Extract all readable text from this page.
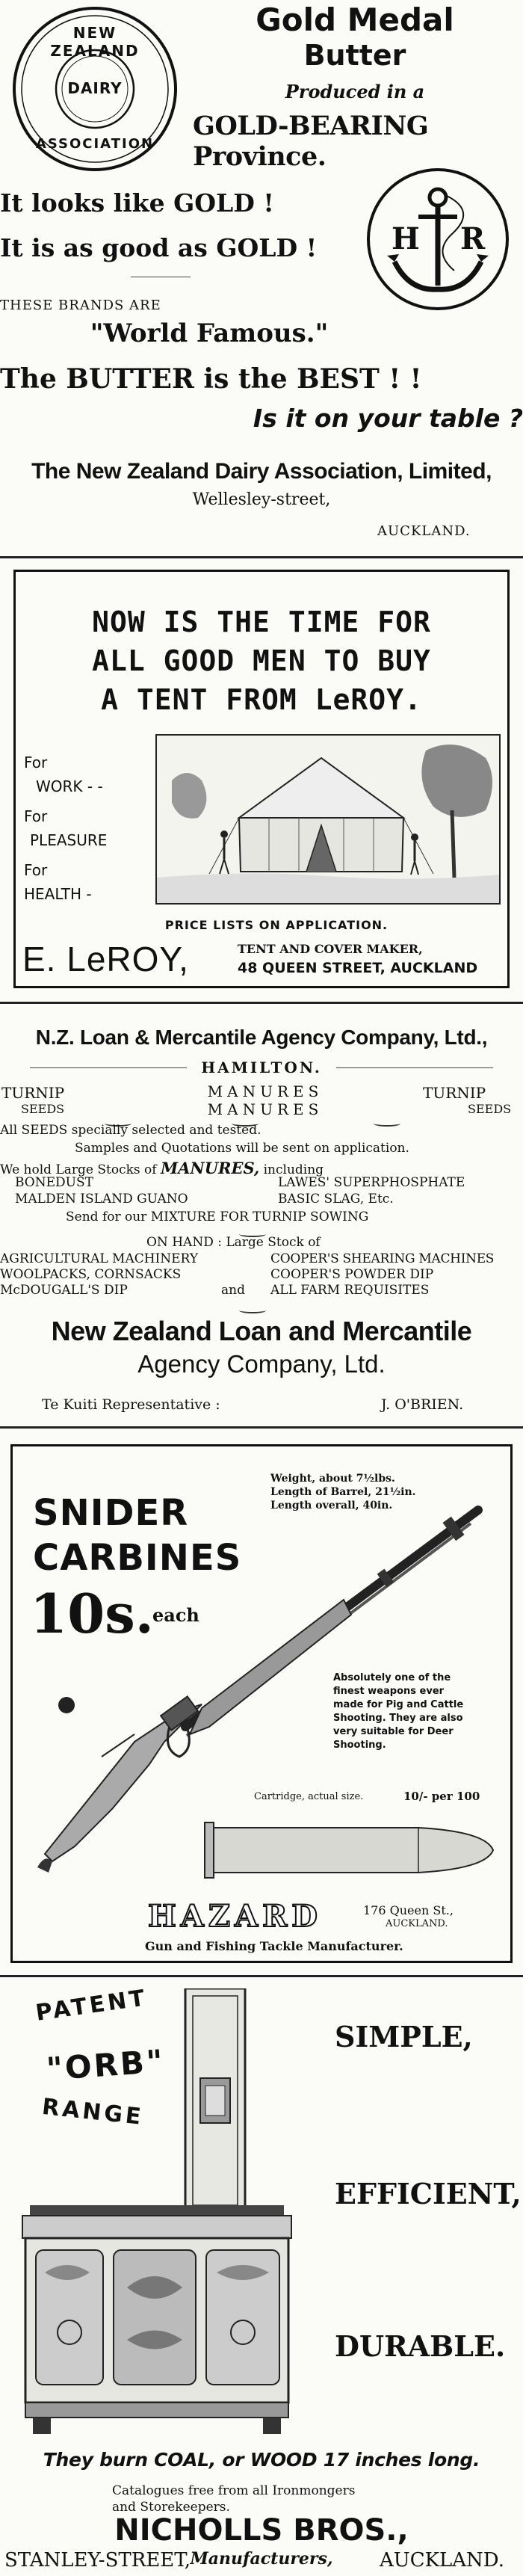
NEW ZEALAND
DAIRY
ASSOCIATION
Gold Medal
Butter
Produced in a
GOLD-BEARING Province.
It looks like GOLD !
It is as good as GOLD ! H R
THESE BRANDS ARE
"World Famous."
The BUTTER is the BEST ! !
Is it on your table ?
The New Zealand Dairy Association, Limited,
Wellesley-street,
AUCKLAND.
NOW IS THE TIME FOR
ALL GOOD MEN TO BUY
A TENT FROM LeROY.
For
WORK - -
For
PLEASURE
For
HEALTH -
PRICE LISTS ON APPLICATION.
E. LeROY,	TENT AND COVER MAKER,
48 QUEEN STREET, AUCKLAND
N.Z. Loan & Mercantile Agency Company, Ltd.,
HAMILTON.
TURNIP
SEEDS
MANURES
MANURES
TURNIP
SEEDS
All SEEDS specially selected and tested.
Samples and Quotations will be sent on application.
We hold Large Stocks of MANURES, including
BONEDUST	LAWES' SUPERPHOSPHATE
MALDEN ISLAND GUANO	BASIC SLAG, Etc.
Send for our MIXTURE FOR TURNIP SOWING
ON HAND : Large Stock of
AGRICULTURAL MACHINERY	COOPER'S SHEARING MACHINES
WOOLPACKS, CORNSACKS	COOPER'S POWDER DIP
McDOUGALL'S DIP	and ALL FARM REQUISITES
New Zealand Loan and Mercantile
Agency Company, Ltd.
Te Kuiti Representative :	J. O'BRIEN.
SNIDER
CARBINES
10s.
each
Weight, about 7½lbs.
Length of Barrel, 21½in.
Length overall, 40in.
Absolutely one of the
finest weapons ever
made for Pig and Cattle
Shooting. They are also
very suitable for Deer
Shooting.
Cartridge, actual size.	10/- per 100
HAZARD	176 Queen St.,
AUCKLAND.
Gun and Fishing Tackle Manufacturer.
PATENT
"ORB"
RANGE
SIMPLE,
EFFICIENT,
DURABLE.
They burn COAL, or WOOD 17 inches long.
Catalogues free from all Ironmongers
and Storekeepers.
NICHOLLS BROS.,
Manufacturers,
STANLEY-STREET,	AUCKLAND.
